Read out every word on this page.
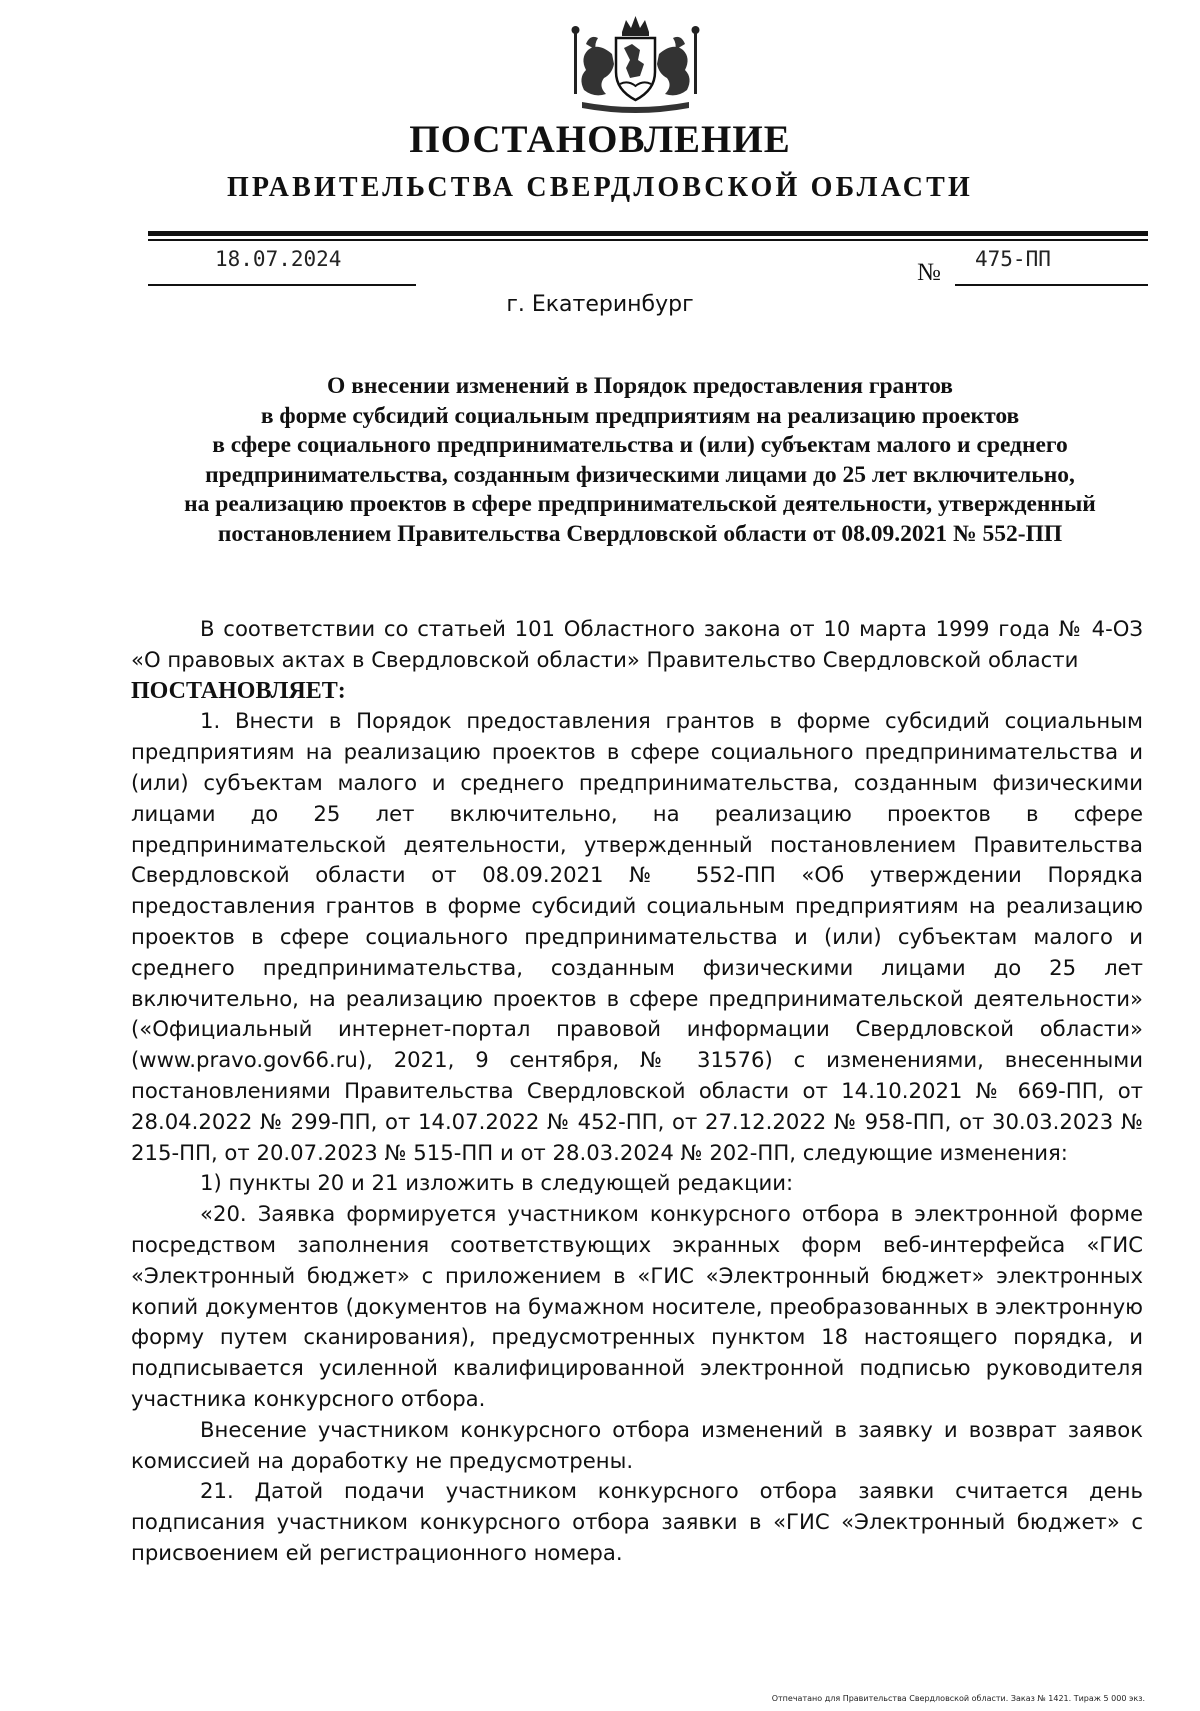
ПОСТАНОВЛЕНИЕ
ПРАВИТЕЛЬСТВА СВЕРДЛОВСКОЙ ОБЛАСТИ
18.07.2024	№ 475-ПП

г. Екатеринбург

О внесении изменений в Порядок предоставления грантов
в форме субсидий социальным предприятиям на реализацию проектов
в сфере социального предпринимательства и (или) субъектам малого и среднего
предпринимательства, созданным физическими лицами до 25 лет включительно,
на реализацию проектов в сфере предпринимательской деятельности, утвержденный
постановлением Правительства Свердловской области от 08.09.2021 № 552-ПП

В соответствии со статьей 101 Областного закона от 10 марта 1999 года № 4-ОЗ «О правовых актах в Свердловской области» Правительство Свердловской области

ПОСТАНОВЛЯЕТ:

1. Внести в Порядок предоставления грантов в форме субсидий социальным предприятиям на реализацию проектов в сфере социального предпринимательства и (или) субъектам малого и среднего предпринимательства, созданным физическими лицами до 25 лет включительно, на реализацию проектов в сфере предпринимательской деятельности, утвержденный постановлением Правительства Свердловской области от 08.09.2021 № 552-ПП «Об утверждении Порядка предоставления грантов в форме субсидий социальным предприятиям на реализацию проектов в сфере социального предпринимательства и (или) субъектам малого и среднего предпринимательства, созданным физическими лицами до 25 лет включительно, на реализацию проектов в сфере предпринимательской деятельности» («Официальный интернет-портал правовой информации Свердловской области» (www.pravo.gov66.ru), 2021, 9 сентября, № 31576) с изменениями, внесенными постановлениями Правительства Свердловской области от 14.10.2021 № 669-ПП, от 28.04.2022 № 299-ПП, от 14.07.2022 № 452-ПП, от 27.12.2022 № 958-ПП, от 30.03.2023 № 215-ПП, от 20.07.2023 № 515-ПП и от 28.03.2024 № 202-ПП, следующие изменения:

1) пункты 20 и 21 изложить в следующей редакции:

«20. Заявка формируется участником конкурсного отбора в электронной форме посредством заполнения соответствующих экранных форм веб-интерфейса «ГИС «Электронный бюджет» с приложением в «ГИС «Электронный бюджет» электронных копий документов (документов на бумажном носителе, преобразованных в электронную форму путем сканирования), предусмотренных пунктом 18 настоящего порядка, и подписывается усиленной квалифицированной электронной подписью руководителя участника конкурсного отбора.

Внесение участником конкурсного отбора изменений в заявку и возврат заявок комиссией на доработку не предусмотрены.

21. Датой подачи участником конкурсного отбора заявки считается день подписания участником конкурсного отбора заявки в «ГИС «Электронный бюджет» с присвоением ей регистрационного номера.

Отпечатано для Правительства Свердловской области. Заказ № 1421. Тираж 5 000 экз.
